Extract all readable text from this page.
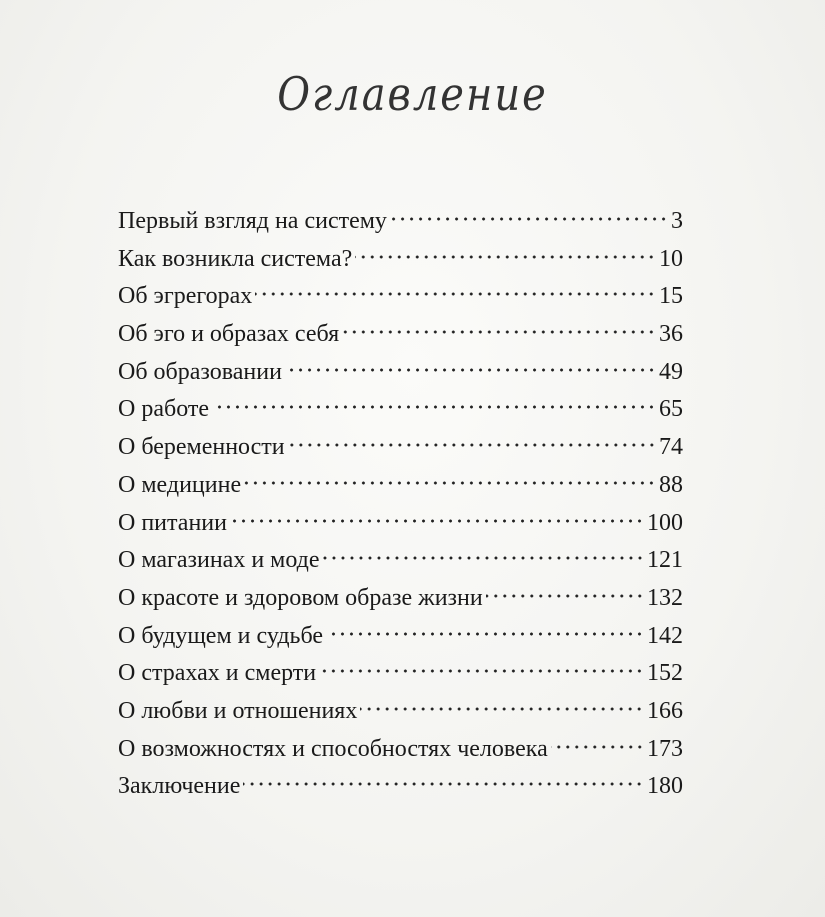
Оглавление
Первый взгляд на систему	3
Как возникла система?	10
Об эгрегорах	15
Об эго и образах себя	36
Об образовании	49
О работе	65
О беременности	74
О медицине	88
О питании	100
О магазинах и моде	121
О красоте и здоровом образе жизни	132
О будущем и судьбе	142
О страхах и смерти	152
О любви и отношениях	166
О возможностях и способностях человека	173
Заключение	180
